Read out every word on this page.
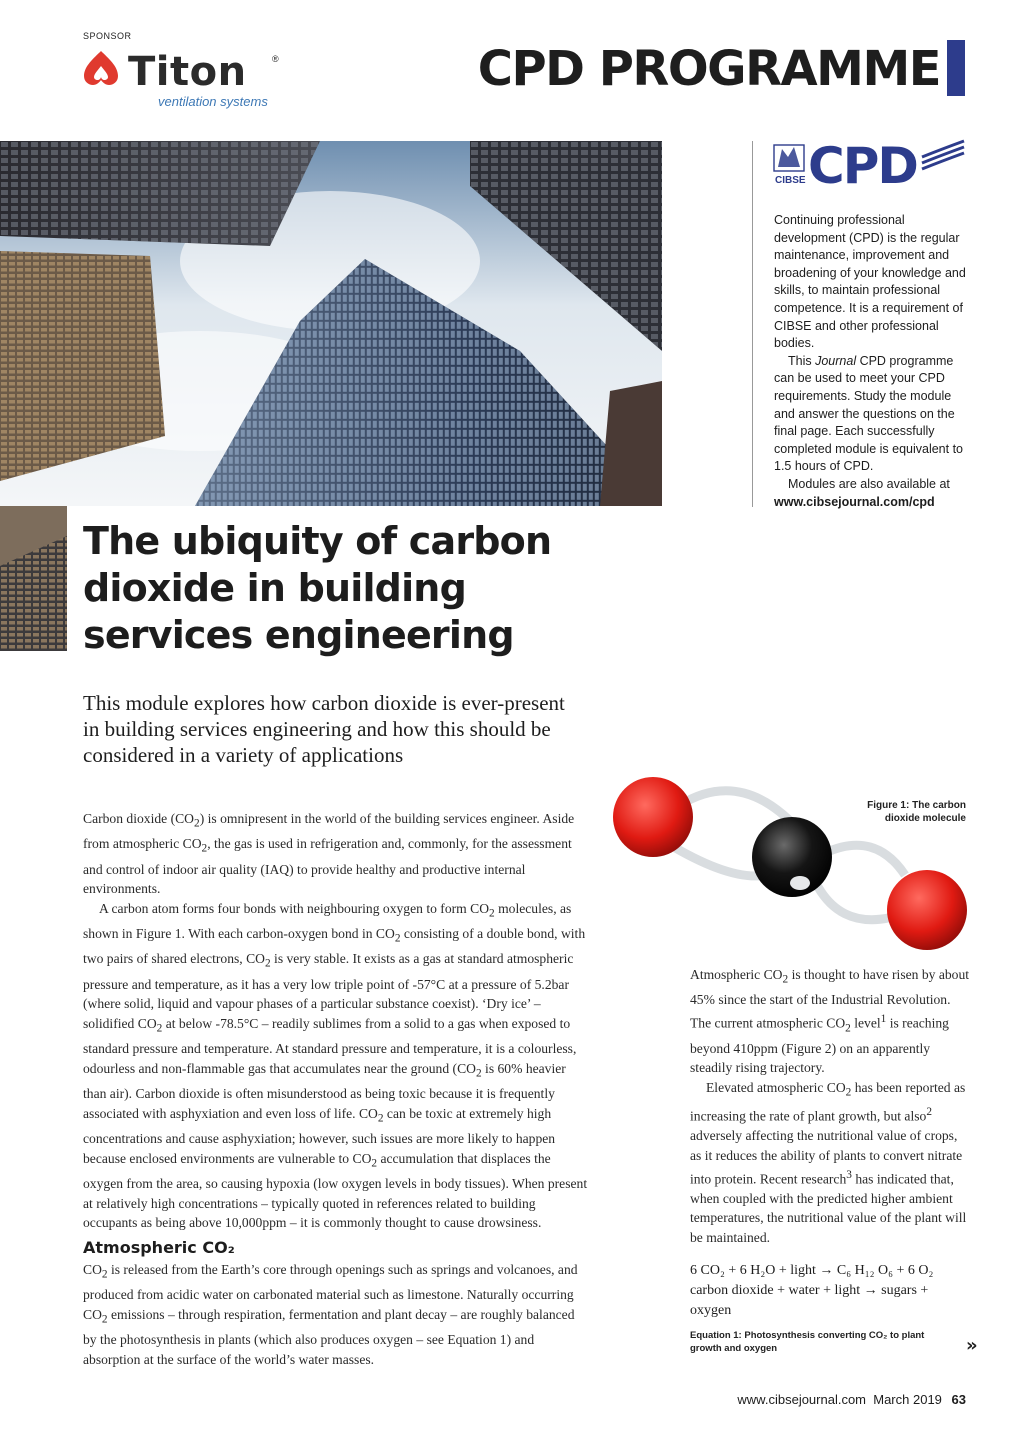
SPONSOR
Titon	®
ventilation systems
CPD PROGRAMME
The ubiquity of carbon dioxide in building services engineering
This module explores how carbon dioxide is ever-present in building services engineering and how this should be considered in a variety of applications
CIBSE CPD

Continuing professional development (CPD) is the regular maintenance, improvement and broadening of your knowledge and skills, to maintain professional competence. It is a requirement of CIBSE and other professional bodies.

This Journal CPD programme can be used to meet your CPD requirements. Study the module and answer the questions on the final page. Each successfully completed module is equivalent to 1.5 hours of CPD.

Modules are also available at

www.cibsejournal.com/cpd

Figure 1: The carbon dioxide molecule

Carbon dioxide $(CO_2)$ is omnipresent in the world of the building services engineer. Aside from atmospheric $CO_2$, the gas is used in refrigeration and, commonly, for the assessment and control of indoor air quality (IAQ) to provide healthy and productive internal environments.

A carbon atom forms four bonds with neighbouring oxygen to form $CO_2$ molecules, as shown in Figure 1. With each carbon-oxygen bond in $CO_2$ consisting of a double bond, with two pairs of shared electrons, $CO_2$ is very stable. It exists as a gas at standard atmospheric pressure and temperature, as it has a very low triple point of -57°C at a pressure of 5.2bar (where solid, liquid and vapour phases of a particular substance coexist). ‘Dry ice’ – solidified $CO_2$ at below -78.5°C – readily sublimes from a solid to a gas when exposed to standard pressure and temperature. At standard pressure and temperature, it is a colourless, odourless and non-flammable gas that accumulates near the ground ($CO_2$ is 60% heavier than air). Carbon dioxide is often misunderstood as being toxic because it is frequently associated with asphyxiation and even loss of life. $CO_2$ can be toxic at extremely high concentrations and cause asphyxiation; however, such issues are more likely to happen because enclosed environments are vulnerable to $CO_2$ accumulation that displaces the oxygen from the area, so causing hypoxia (low oxygen levels in body tissues). When present at relatively high concentrations – typically quoted in references related to building occupants as being above 10,000ppm – it is commonly thought to cause drowsiness.

Atmospheric CO₂

$CO_2$ is released from the Earth’s core through openings such as springs and volcanoes, and produced from acidic water on carbonated material such as limestone. Naturally occurring $CO_2$ emissions – through respiration, fermentation and plant decay – are roughly balanced by the photosynthesis in plants (which also produces oxygen – see Equation 1) and absorption at the surface of the world’s water masses.

Atmospheric $CO_2$ is thought to have risen by about 45% since the start of the Industrial Revolution. The current atmospheric $CO_2$ level$^1$ is reaching beyond 410ppm (Figure 2) on an apparently steadily rising trajectory.

Elevated atmospheric $CO_2$ has been reported as increasing the rate of plant growth, but also$^2$ adversely affecting the nutritional value of crops, as it reduces the ability of plants to convert nitrate into protein. Recent research$^3$ has indicated that, when coupled with the predicted higher ambient temperatures, the nutritional value of the plant will be maintained.

6 CO₂ + 6 H₂O + light → C₆ H₁₂ O₆ + 6 O₂
carbon dioxide + water + light → sugars + oxygen
Equation 1: Photosynthesis converting CO₂ to plant growth and oxygen	»
www.cibsejournal.com March 2019 63
